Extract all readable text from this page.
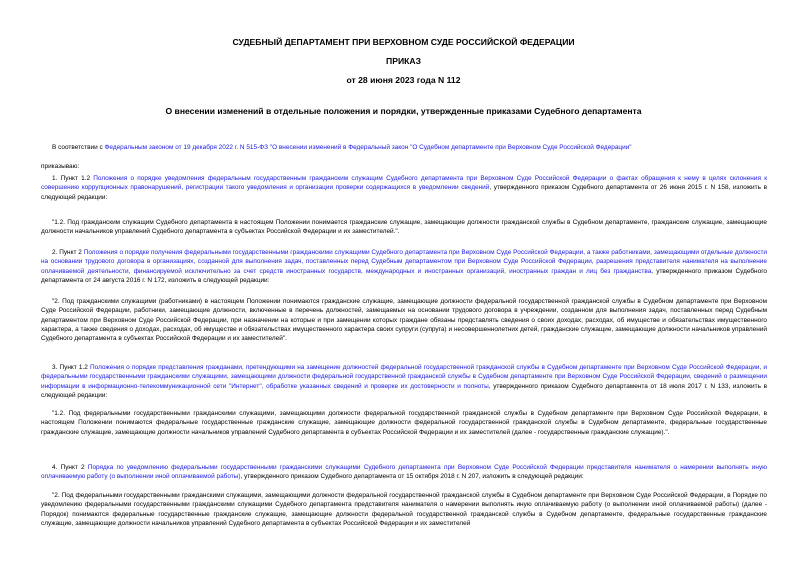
СУДЕБНЫЙ ДЕПАРТАМЕНТ ПРИ ВЕРХОВНОМ СУДЕ РОССИЙСКОЙ ФЕДЕРАЦИИ
ПРИКАЗ
от 28 июня 2023 года N 112
О внесении изменений в отдельные положения и порядки, утвержденные приказами Судебного департамента
В соответствии с Федеральным законом от 19 декабря 2022 г. N 515-ФЗ "О внесении изменений в Федеральный закон "О Судебном департаменте при Верховном Суде Российской Федерации"
приказываю:
1. Пункт 1.2 Положения о порядке уведомления федеральным государственным гражданским служащим Судебного департамента при Верховном Суде Российской Федерации о фактах обращения к нему в целях склонения к совершению коррупционных правонарушений, регистрации такого уведомления и организации проверки содержащихся в уведомлении сведений, утвержденного приказом Судебного департамента от 26 июня 2015 г. N 158, изложить в следующей редакции:
"1.2. Под гражданским служащим Судебного департамента в настоящем Положении понимается гражданские служащие, замещающие должности гражданской службы в Судебном департаменте, гражданские служащие, замещающие должности начальников управлений Судебного департамента в субъектах Российской Федерации и их заместителей.".
2. Пункт 2 Положения о порядке получения федеральными государственными гражданскими служащими Судебного департамента при Верховном Суде Российской Федерации, а также работниками, замещающими отдельные должности на основании трудового договора в организациях, созданной для выполнения задач, поставленных перед Судебным департаментом при Верховном Суде Российской Федерации, разрешения представителя нанимателя на выполнение оплачиваемой деятельности, финансируемой исключительно за счет средств иностранных государств, международных и иностранных организаций, иностранных граждан и лиц без гражданства, утвержденного приказом Судебного департамента от 24 августа 2016 г. N 172, изложить в следующей редакции:
"2. Под гражданскими служащими (работниками) в настоящем Положении понимаются гражданские служащие, замещающие должности федеральной государственной гражданской службы в Судебном департаменте при Верховном Суде Российской Федерации, работники, замещающие должности, включенные в перечень должностей, замещаемых на основании трудового договора в учреждении, созданном для выполнения задач, поставленных перед Судебным департаментом при Верховном Суде Российской Федерации, при назначении на которые и при замещении которых граждане обязаны представлять сведения о своих доходах, расходах, об имуществе и обязательствах имущественного характера, а также сведения о доходах, расходах, об имуществе и обязательствах имущественного характера своих супруги (супруга) и несовершеннолетних детей, гражданские служащие, замещающие должности начальников управлений Судебного департамента в субъектах Российской Федерации и их заместителей".
3. Пункт 1.2 Положения о порядке представления гражданами, претендующими на замещение должностей федеральной государственной гражданской службы в Судебном департаменте при Верховном Суде Российской Федерации, и федеральными государственными гражданскими служащими, замещающими должности федеральной государственной гражданской службы в Судебном департаменте при Верховном Суде Российской Федерации, сведений о размещении информации в информационно-телекоммуникационной сети "Интернет", обработке указанных сведений и проверке их достоверности и полноты, утвержденного приказом Судебного департамента от 18 июля 2017 г. N 133, изложить в следующей редакции:
"1.2. Под федеральными государственными гражданскими служащими, замещающими должности федеральной государственной гражданской службы в Судебном департаменте при Верховном Суде Российской Федерации, в настоящем Положении понимаются федеральные государственные гражданские служащие, замещающие должности федеральной государственной гражданской службы в Судебном департаменте, федеральные государственные гражданские служащие, замещающие должности начальников управлений Судебного департамента в субъектах Российской Федерации и их заместителей (далее - государственные гражданские служащие).".
4. Пункт 2 Порядка по уведомлению федеральными государственными гражданскими служащими Судебного департамента при Верховном Суде Российской Федерации представителя нанимателя о намерении выполнять иную оплачиваемую работу (о выполнении иной оплачиваемой работы), утвержденного приказом Судебного департамента от 15 октября 2018 г. N 207, изложить в следующей редакции:
"2. Под федеральными государственными гражданскими служащими, замещающими должности федеральной государственной гражданской службы в Судебном департаменте при Верховном Суде Российской Федерации, в Порядке по уведомлению федеральными государственными гражданскими служащими Судебного департамента представителя нанимателя о намерении выполнять иную оплачиваемую работу (о выполнении иной оплачиваемой работы) (далее - Порядок) понимаются федеральные государственные гражданские служащие, замещающие должности федеральной государственной гражданской службы в Судебном департаменте, федеральные государственные гражданские служащие, замещающие должности начальников управлений Судебного департамента в субъектах Российской Федерации и их заместителей
